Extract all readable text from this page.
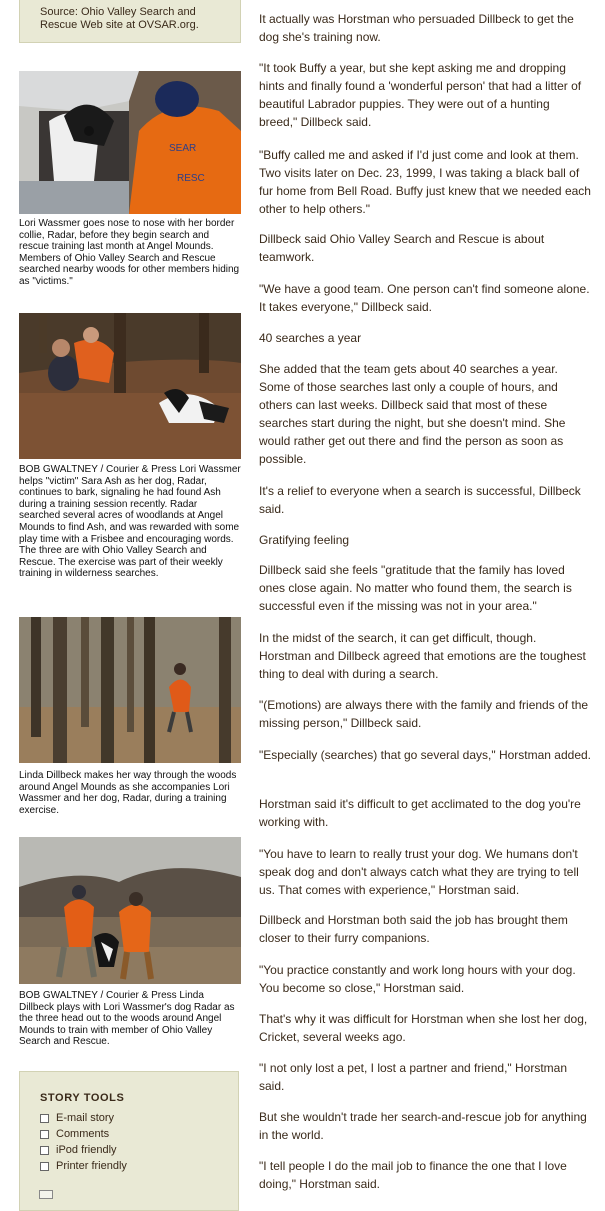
Source: Ohio Valley Search and Rescue Web site at OVSAR.org.
SEAR
RESC
Lori Wassmer goes nose to nose with her border collie, Radar, before they begin search and rescue training last month at Angel Mounds. Members of Ohio Valley Search and Rescue searched nearby woods for other members hiding as "victims."
BOB GWALTNEY / Courier & Press Lori Wassmer helps "victim" Sara Ash as her dog, Radar, continues to bark, signaling he had found Ash during a training session recently. Radar searched several acres of woodlands at Angel Mounds to find Ash, and was rewarded with some play time with a Frisbee and encouraging words. The three are with Ohio Valley Search and Rescue. The exercise was part of their weekly training in wilderness searches.
Linda Dillbeck makes her way through the woods around Angel Mounds as she accompanies Lori Wassmer and her dog, Radar, during a training exercise.
BOB GWALTNEY / Courier & Press Linda Dillbeck plays with Lori Wassmer's dog Radar as the three head out to the woods around Angel Mounds to train with member of Ohio Valley Search and Rescue.
STORY TOOLS
E-mail story
Comments
iPod friendly
Printer friendly

It actually was Horstman who persuaded Dillbeck to get the dog she's training now.

"It took Buffy a year, but she kept asking me and dropping hints and finally found a 'wonderful person' that had a litter of beautiful Labrador puppies. They were out of a hunting breed," Dillbeck said.

"Buffy called me and asked if I'd just come and look at them. Two visits later on Dec. 23, 1999, I was taking a black ball of fur home from Bell Road. Buffy just knew that we needed each other to help others."

Dillbeck said Ohio Valley Search and Rescue is about teamwork.

"We have a good team. One person can't find someone alone. It takes everyone," Dillbeck said.

40 searches a year

She added that the team gets about 40 searches a year. Some of those searches last only a couple of hours, and others can last weeks. Dillbeck said that most of these searches start during the night, but she doesn't mind. She would rather get out there and find the person as soon as possible.

It's a relief to everyone when a search is successful, Dillbeck said.

Gratifying feeling

Dillbeck said she feels "gratitude that the family has loved ones close again. No matter who found them, the search is successful even if the missing was not in your area."

In the midst of the search, it can get difficult, though. Horstman and Dillbeck agreed that emotions are the toughest thing to deal with during a search.

"(Emotions) are always there with the family and friends of the missing person," Dillbeck said.

"Especially (searches) that go several days," Horstman added.

Horstman said it's difficult to get acclimated to the dog you're working with.

"You have to learn to really trust your dog. We humans don't speak dog and don't always catch what they are trying to tell us. That comes with experience," Horstman said.

Dillbeck and Horstman both said the job has brought them closer to their furry companions.

"You practice constantly and work long hours with your dog. You become so close," Horstman said.

That's why it was difficult for Horstman when she lost her dog, Cricket, several weeks ago.

"I not only lost a pet, I lost a partner and friend," Horstman said.

But she wouldn't trade her search-and-rescue job for anything in the world.

"I tell people I do the mail job to finance the one that I love doing," Horstman said.
